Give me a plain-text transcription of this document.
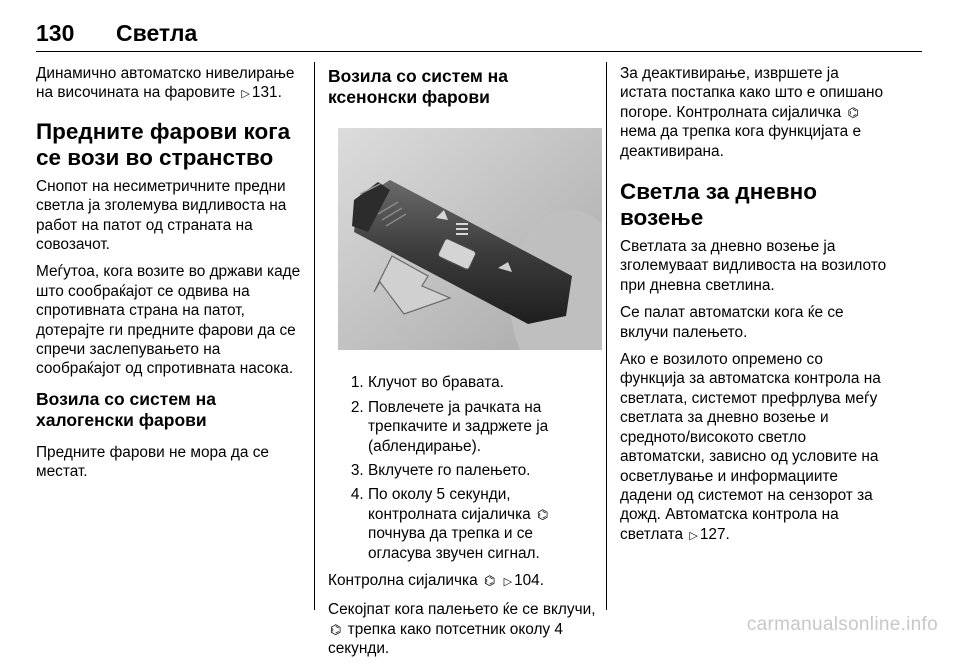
130	Светла

Динамично автоматско нивелирање на височината на фаровите ▷ 131.

Предните фарови кога се вози во странство

Снопот на несиметричните предни светла ја зголемува видливоста на работ на патот од страната на совозачот.

Меѓутоа, кога возите во држави каде што сообраќајот се одвива на спротивната страна на патот, дотерајте ги предните фарови да се спречи заслепувањето на сообраќајот од спротивната насока.

Возила со систем на халогенски фарови

Предните фарови не мора да се местат.

Возила со систем на ксенонски фарови
1. Клучот во бравата.
2. Повлечете ја рачката на трепкачите и задржете ја (аблендирање).
3. Вклучете го палењето.
4. По околу 5 секунди, контролната сијаличка ⌬ почнува да трепка и се огласува звучен сигнал.

Контролна сијаличка ⌬ ▷ 104.

Секојпат кога палењето ќе се вклучи, ⌬ трепка како потсетник околу 4 секунди.

За деактивирање, извршете ја истата постапка како што е опишано погоре. Контролната сијаличка ⌬ нема да трепка кога функцијата е деактивирана.

Светла за дневно возење

Светлата за дневно возење ја зголемуваат видливоста на возилото при дневна светлина.

Се палат автоматски кога ќе се вклучи палењето.

Ако е возилото опремено со функција за автоматска контрола на светлата, системот префрлува меѓу светлата за дневно возење и средното/високото светло автоматски, зависно од условите на осветлување и информациите дадени од системот на сензорот за дожд. Автоматска контрола на светлата ▷ 127.

carmanualsonline.info
